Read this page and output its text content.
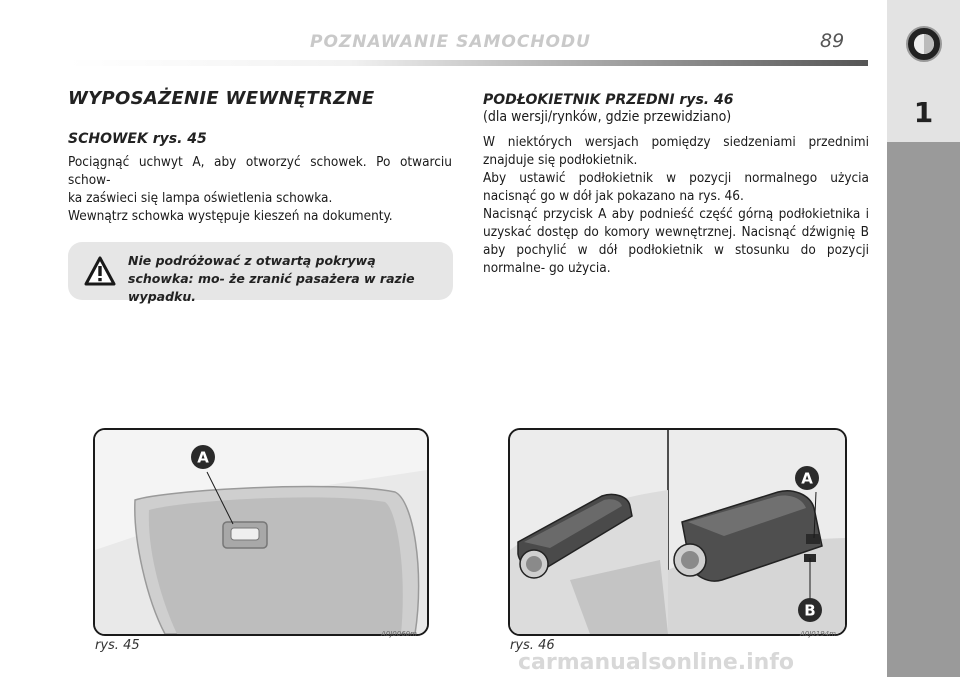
POZNAWANIE SAMOCHODU	89
1
WYPOSAŻENIE WEWNĘTRZNE
SCHOWEK rys. 45

Pociągnąć uchwyt A, aby otworzyć schowek. Po otwarciu schow-
ka zaświeci się lampa oświetlenia schowka.
Wewnątrz schowka występuje kieszeń na dokumenty.

Nie podróżować z otwartą pokrywą schowka: mo- że zranić pasażera w razie wypadku.
PODŁOKIETNIK PRZEDNI rys. 46

(dla wersji/rynków, gdzie przewidziano)

W niektórych wersjach pomiędzy siedzeniami przednimi znajduje się podłokietnik.
Aby ustawić podłokietnik w pozycji normalnego użycia nacisnąć go w dół jak pokazano na rys. 46.
Nacisnąć przycisk A aby podnieść część górną podłokietnika i uzyskać dostęp do komory wewnętrznej. Nacisnąć dźwignię B aby pochylić w dół podłokietnik w stosunku do pozycji normalne- go użycia.

A
rys. 45
A0J0060m
A
B
rys. 46
A0J0194m
carmanualsonline.info
